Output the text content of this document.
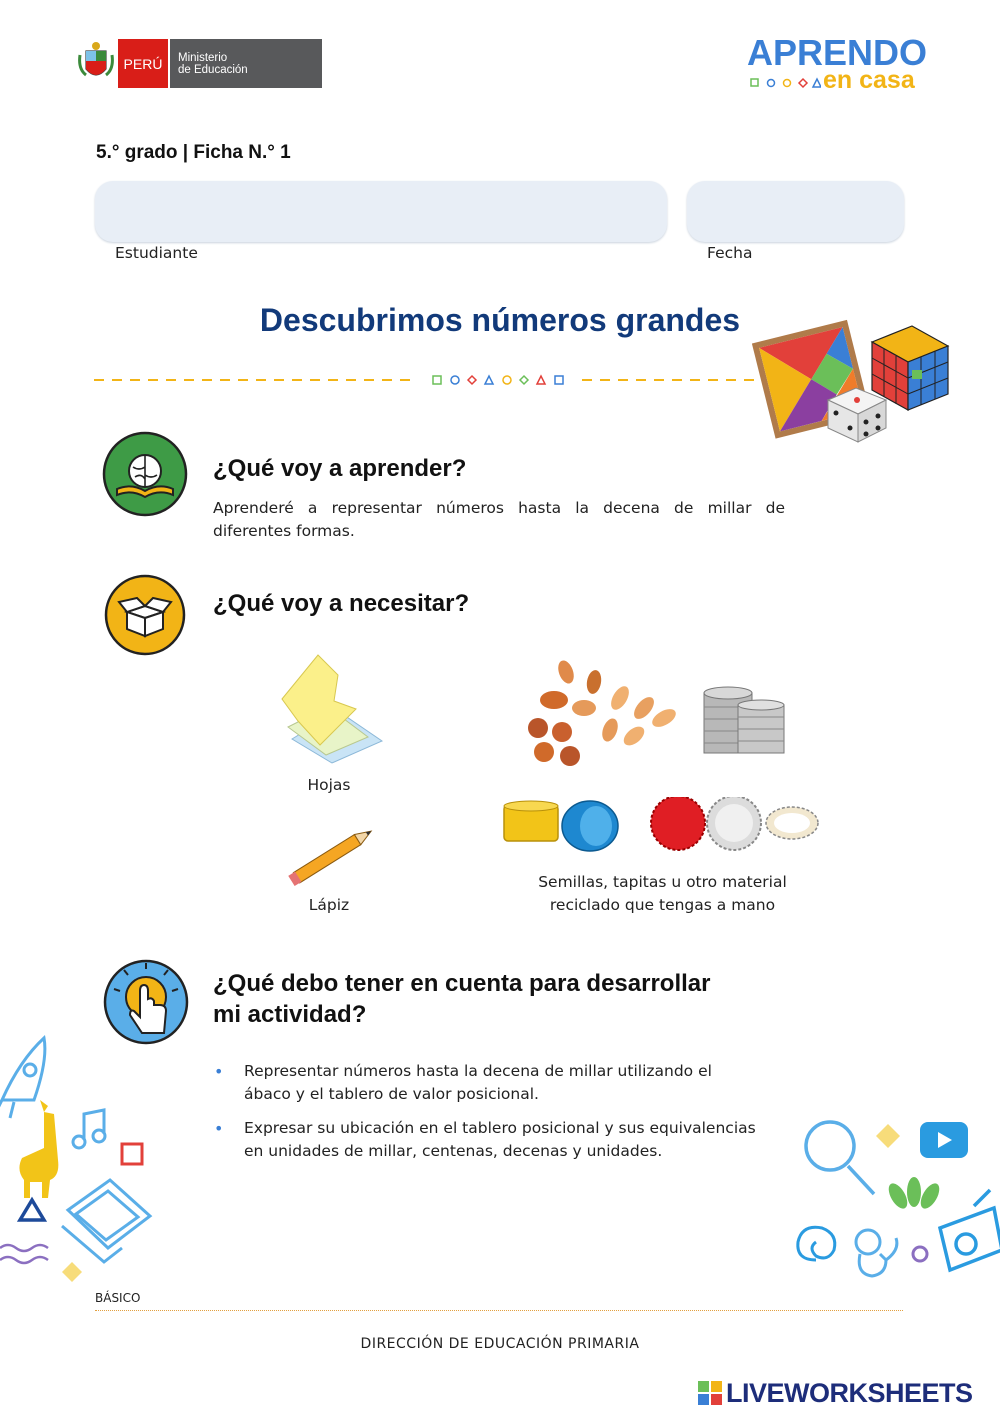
PERÚ	Ministerio
de Educación	APRENDO
en casa
5.° grado | Ficha N.° 1
Estudiante	Fecha
Descubrimos números grandes
¿Qué voy a aprender?
Aprenderé a representar números hasta la decena de millar de diferentes formas.
¿Qué voy a necesitar?
Hojas
Lápiz
Semillas, tapitas u otro material
reciclado que tengas a mano
¿Qué debo tener en cuenta para desarrollar
mi actividad?
• Representar números hasta la decena de millar utilizando el
ábaco y el tablero de valor posicional.
• Expresar su ubicación en el tablero posicional y sus equivalencias
en unidades de millar, centenas, decenas y unidades.
BÁSICO
DIRECCIÓN DE EDUCACIÓN PRIMARIA
LIVEWORKSHEETS
